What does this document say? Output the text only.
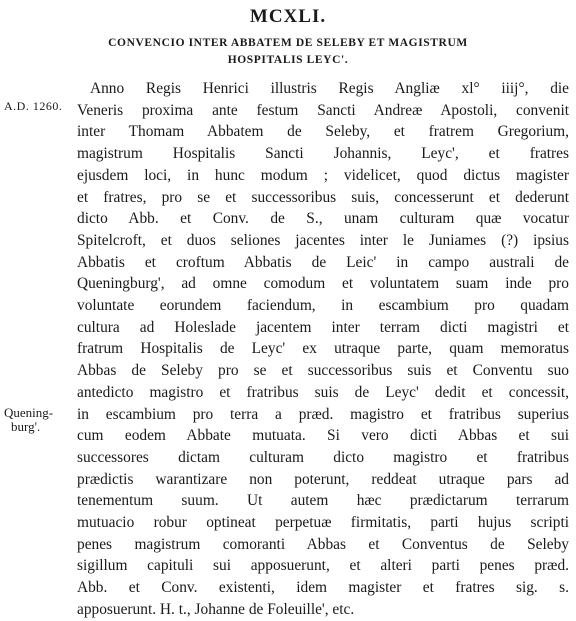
MCXLI.
CONVENCIO INTER ABBATEM DE SELEBY ET MAGISTRUM
HOSPITALIS LEYC'.
A.D. 1260.
Quening-
burg'.
Anno Regis Henrici illustris Regis Angliæ xl° iiij°, die
Veneris proxima ante festum Sancti Andreæ Apostoli, convenit
inter Thomam Abbatem de Seleby, et fratrem Gregorium,
magistrum Hospitalis Sancti Johannis, Leyc', et fratres
ejusdem loci, in hunc modum ; videlicet, quod dictus magister
et fratres, pro se et successoribus suis, concesserunt et dederunt
dicto Abb. et Conv. de S., unam culturam quæ vocatur
Spitelcroft, et duos seliones jacentes inter le Juniames (?) ipsius
Abbatis et croftum Abbatis de Leic' in campo australi de
Queningburg', ad omne comodum et voluntatem suam inde pro
voluntate eorundem faciendum, in escambium pro quadam
cultura ad Holeslade jacentem inter terram dicti magistri et
fratrum Hospitalis de Leyc' ex utraque parte, quam memoratus
Abbas de Seleby pro se et successoribus suis et Conventu suo
antedicto magistro et fratribus suis de Leyc' dedit et concessit,
in escambium pro terra a præd. magistro et fratribus superius
cum eodem Abbate mutuata. Si vero dicti Abbas et sui
successores dictam culturam dicto magistro et fratribus
prædictis warantizare non poterunt, reddeat utraque pars ad
tenementum suum. Ut autem hæc prædictarum terrarum
mutuacio robur optineat perpetuæ firmitatis, parti hujus scripti
penes magistrum comoranti Abbas et Conventus de Seleby
sigillum capituli sui apposuerunt, et alteri parti penes præd.
Abb. et Conv. existenti, idem magister et fratres sig. s.
apposuerunt. H. t., Johanne de Foleuille', etc.
